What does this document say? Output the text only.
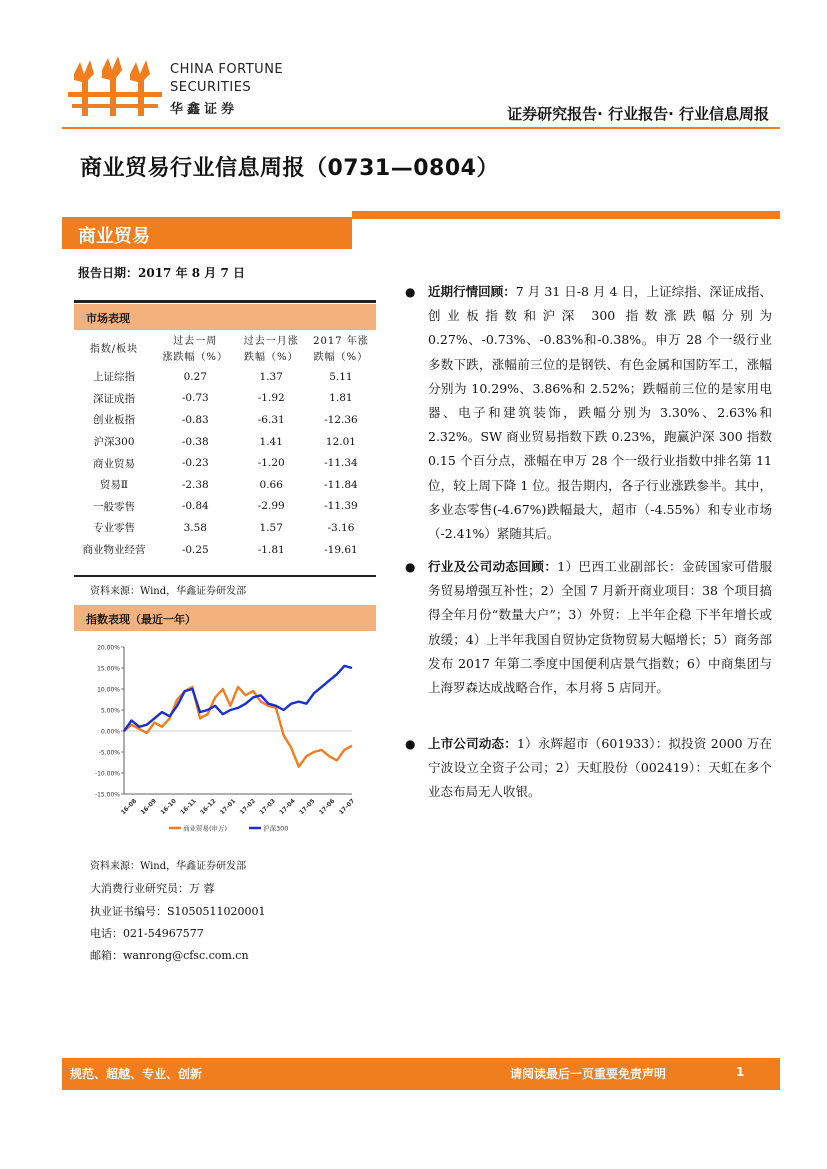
CHINA FORTUNE
SECURITIES
华鑫证券	证券研究报告· 行业报告· 行业信息周报
商业贸易行业信息周报（0731—0804）
商业贸易
报告日期：2017 年 8 月 7 日
市场表现
指数/板块	过去一周	过去一月涨	2017 年涨
	涨跌幅（%）	跌幅（%）	跌幅（%）
上证综指	0.27	1.37	5.11
深证成指	-0.73	-1.92	1.81
创业板指	-0.83	-6.31	-12.36
沪深300	-0.38	1.41	12.01
商业贸易	-0.23	-1.20	-11.34
贸易Ⅱ	-2.38	0.66	-11.84
一般零售	-0.84	-2.99	-11.39
专业零售	3.58	1.57	-3.16
商业物业经营	-0.25	-1.81	-19.61
资料来源：Wind，华鑫证券研发部
指数表现（最近一年）
20.00%
15.00%
10.00%
5.00%
0.00%
-5.00%
-10.00%
-15.00%
16-08 16-09 16-10 16-11 16-12 17-01 17-02 17-03 17-04 17-05 17-06 17-07
商业贸易(申万)	沪深300
资料来源：Wind，华鑫证券研发部
大消费行业研究员：万 蓉
执业证书编号：S1050511020001
电话：021-54967577
邮箱：wanrong@cfsc.com.cn
● 近期行情回顾：7 月 31 日-8 月 4 日，上证综指、深证成指、创业板指数和沪深 300 指数涨跌幅分别为 0.27%、-0.73%、-0.83%和-0.38%。申万 28 个一级行业多数下跌，涨幅前三位的是钢铁、有色金属和国防军工，涨幅分别为 10.29%、3.86%和 2.52%；跌幅前三位的是家用电器、电子和建筑装饰，跌幅分别为 3.30%、2.63%和 2.32%。SW 商业贸易指数下跌 0.23%，跑赢沪深 300 指数 0.15 个百分点，涨幅在申万 28 个一级行业指数中排名第 11 位，较上周下降 1 位。报告期内，各子行业涨跌参半。其中，多业态零售(-4.67%)跌幅最大，超市（-4.55%）和专业市场（-2.41%）紧随其后。
● 行业及公司动态回顾：1）巴西工业副部长：金砖国家可借服务贸易增强互补性；2）全国 7 月新开商业项目：38 个项目搞得全年月份“数量大户”；3）外贸：上半年企稳 下半年增长或放缓；4）上半年我国自贸协定货物贸易大幅增长；5）商务部发布 2017 年第二季度中国便利店景气指数；6）中商集团与上海罗森达成战略合作，本月将 5 店同开。
● 上市公司动态：1）永辉超市（601933）：拟投资 2000 万在宁波设立全资子公司；2）天虹股份（002419）：天虹在多个业态布局无人收银。
规范、超越、专业、创新	请阅读最后一页重要免责声明	1
